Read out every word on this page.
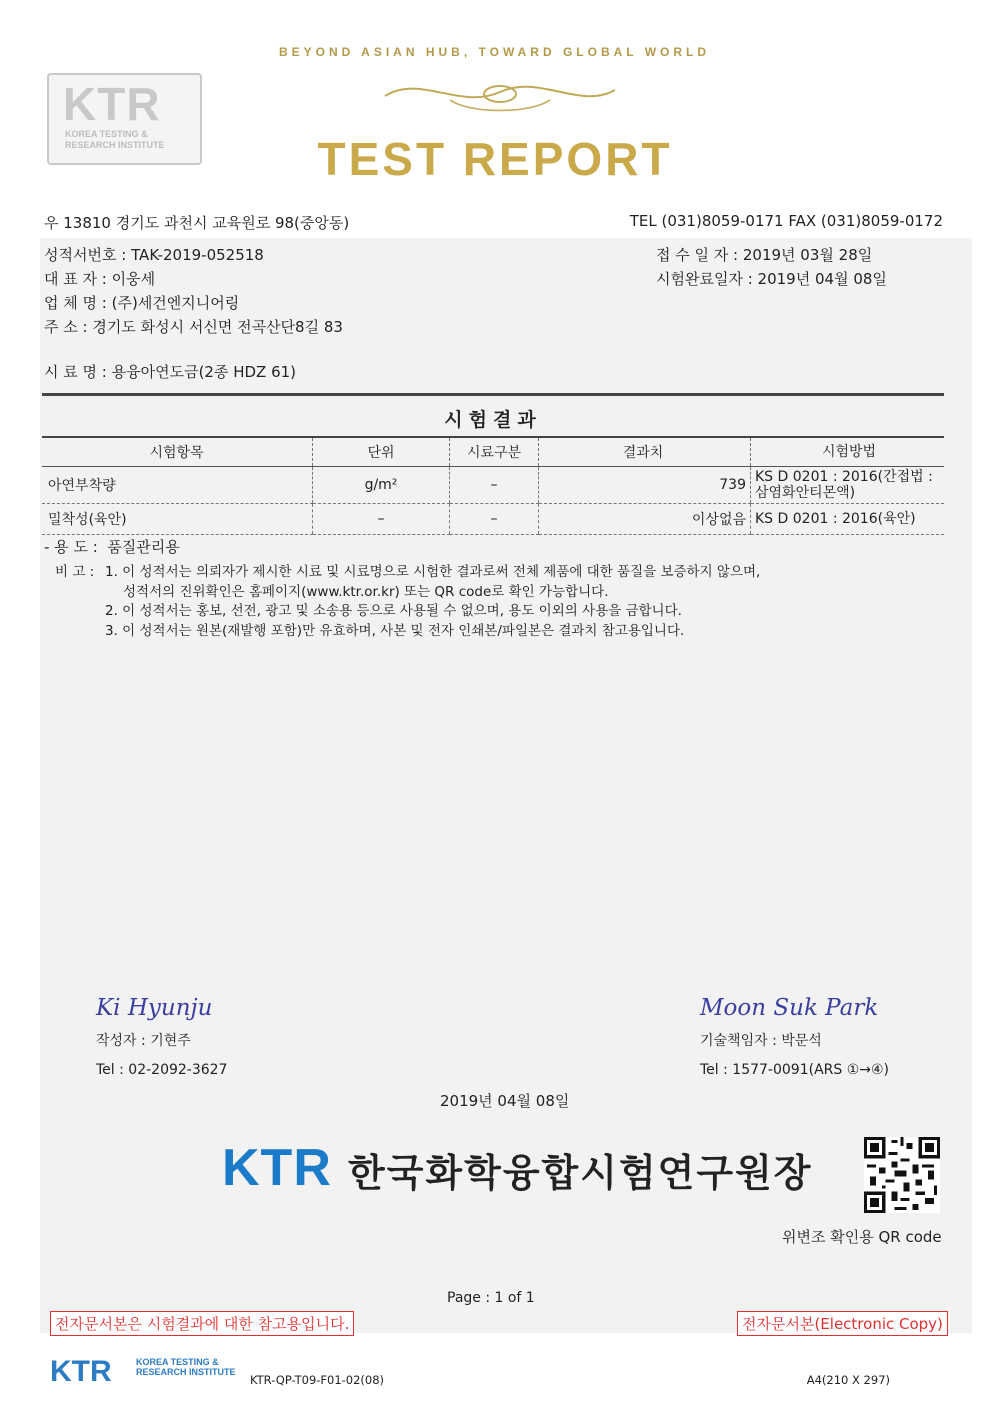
KTR
KOREA TESTING &
RESEARCH INSTITUTE
BEYOND ASIAN HUB, TOWARD GLOBAL WORLD
TEST REPORT
우 13810 경기도 과천시 교육원로 98(중앙동)	TEL (031)8059-0171 FAX (031)8059-0172
성적서번호 : TAK-2019-052518
대 표 자 : 이웅세
업 체 명 : (주)세건엔지니어링
주 소 : 경기도 화성시 서신면 전곡산단8길 83
시 료 명 : 용융아연도금(2종 HDZ 61)
접 수 일 자 : 2019년 03월 28일
시험완료일자 : 2019년 04월 08일
시험결과
시험항목	단위	시료구분	결과치	시험방법
아연부착량	g/m²	–	739	KS D 0201 : 2016(간접법 : 삼염화안티몬액)
밀착성(육안)	–	–	이상없음	KS D 0201 : 2016(육안)
- 용 도 : 품질관리용
비 고 : 1. 이 성적서는 의뢰자가 제시한 시료 및 시료명으로 시험한 결과로써 전체 제품에 대한 품질을 보증하지 않으며,
성적서의 진위확인은 홈페이지(www.ktr.or.kr) 또는 QR code로 확인 가능합니다.
2. 이 성적서는 홍보, 선전, 광고 및 소송용 등으로 사용될 수 없으며, 용도 이외의 사용을 금합니다.
3. 이 성적서는 원본(재발행 포함)만 유효하며, 사본 및 전자 인쇄본/파일본은 결과치 참고용입니다.
Ki Hyunju
작성자 : 기현주
Tel : 02-2092-3627
Moon Suk Park
기술책임자 : 박문석
Tel : 1577-0091(ARS ①→④)
2019년 04월 08일
KTR 한국화학융합시험연구원장
위변조 확인용 QR code
Page : 1 of 1
전자문서본은 시험결과에 대한 참고용입니다.	전자문서본(Electronic Copy)
KTR	KOREA TESTING &
RESEARCH INSTITUTE
KTR-QP-T09-F01-02(08)	A4(210 X 297)
